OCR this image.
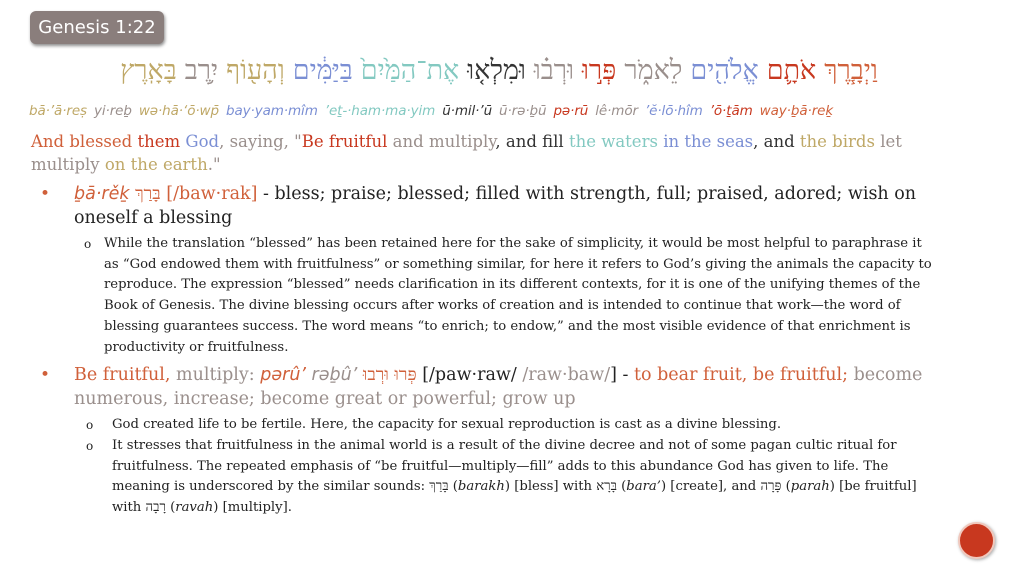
Genesis 1:22
וַיְבָ֧רֶךְאֹתָ֛םאֱלֹהִ֖יםלֵאמֹ֑רפְּר֣וּוּרְב֗וּוּמִלְא֤וּאֶת־הַמַּ֙יִם֙בַּיַּמִּ֔יםוְהָע֖וֹףיִ֥רֶבבָּאָֽרֶץ
bā·’ā·reṣ yi·reḇ wə·hā·‘ō·wp̄ bay·yam·mîm ’eṯ-·ham·ma·yim ū·mil·’ū ū·rə·ḇū pə·rū lê·mōr ’ĕ·lō·hîm ’ō·ṯām way·ḇā·reḵ
And blessed them God, saying, "Be fruitful and multiply, and fill the waters in the seas, and the birds let multiply on the earth."
• ḇā·rěḵ בָּרַךְ [/baw·rak] - bless; praise; blessed; filled with strength, full; praised, adored; wish on oneself a blessing
o While the translation “blessed” has been retained here for the sake of simplicity, it would be most helpful to paraphrase it as “God endowed them with fruitfulness” or something similar, for here it refers to God’s giving the animals the capacity to reproduce. The expression “blessed” needs clarification in its different contexts, for it is one of the unifying themes of the Book of Genesis. The divine blessing occurs after works of creation and is intended to continue that work—the word of blessing guarantees success. The word means “to enrich; to endow,” and the most visible evidence of that enrichment is productivity or fruitfulness.
• Be fruitful, multiply: pərû’ rəḇû’ פְּרוּ וּרְבוּ [/paw·raw/ /raw·baw/] - to bear fruit, be fruitful; become numerous, increase; become great or powerful; grow up
o God created life to be fertile. Here, the capacity for sexual reproduction is cast as a divine blessing.
o It stresses that fruitfulness in the animal world is a result of the divine decree and not of some pagan cultic ritual for fruitfulness. The repeated emphasis of “be fruitful—multiply—fill” adds to this abundance God has given to life. The meaning is underscored by the similar sounds: בָּרַךְ (barakh) [bless] with בָּרָא (bara’) [create], and פָּרָה (parah) [be fruitful] with רָבָה (ravah) [multiply].
